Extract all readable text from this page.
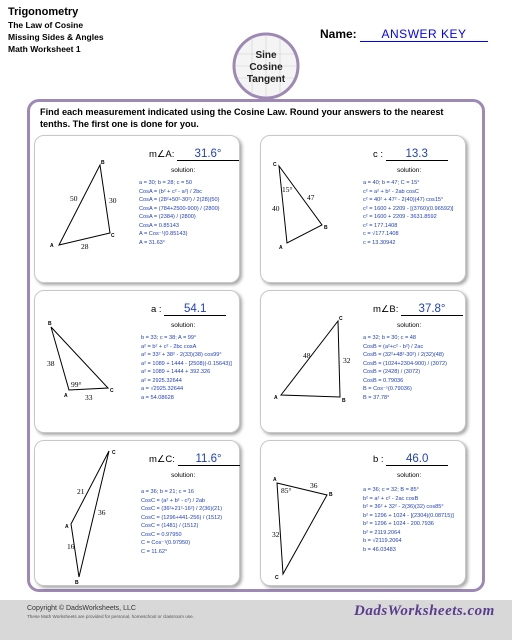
Trigonometry
The Law of Cosine
Missing Sides & Angles
Math Worksheet 1
Sine
Cosine
Tangent
Name: ANSWER KEY
Find each measurement indicated using the Cosine Law. Round your answers to the nearest tenths. The first one is done for you.
B
C
A
50	30
28
m∠A: 31.6°
solution:
a = 30; b = 28; c = 50
CosA = (b² + c² - a²) / 2bc
CosA = (28²+50²-30²) / 2(28)(50)
CosA = (784+2500-900) / (2800)
CosA = (2384) / (2800)
CosA = 0.85143
A = Cos⁻¹(0.85143)
A = 31.63°
C
A
B
47
40
15°
c : 13.3
solution:
a = 40; b = 47; C = 15°
c² = a² + b² - 2ab cosC
c² = 40² + 47² - 2(40)(47) cos15°
c² = 1600 + 2209 - [(3760)(0.96592)]
c² = 1600 + 2209 - 3631.8592
c² = 177.1408
c = √177.1408
c = 13.30942
B
A
C
38
33
99°
a : 54.1
solution:
b = 33; c = 38; A = 99°
a² = b² + c² - 2bc cosA
a² = 33² + 38² - 2(33)(38) cos99°
a² = 1089 + 1444 - [2508)(-0.15643)]
a² = 1089 + 1444 + 392.326
a² = 2925.32644
a = √2925.32644
a = 54.08628
C
B
A
48
32
m∠B: 37.8°
solution:
a = 32; b = 30; c = 48
CosB = (a²+c² - b²) / 2ac
CosB = (32²+48²-30²) / 2(32)(48)
CosB = (1024+2304-900) / (3072)
CosB = (2428) / (3072)
CosB = 0.79036
B = Cos⁻¹(0.79036)
B = 37.78°
C
A
B
21
36
16
m∠C: 11.6°
solution:
a = 36; b = 21; c = 16
CosC = (a² + b² - c²) / 2ab
CosC = (36²+21²-16²) / 2(36)(21)
CosC = (1296+441-256) / (1512)
CosC = (1481) / (1512)
CosC = 0.97950
C = Cos⁻¹(0.97950)
C = 11.62°
A
B
C
36
32
85°
b : 46.0
solution:
a = 36; c = 32; B = 85°
b² = a² + c² - 2ac cosB
b² = 36² + 32² - 2(36)(32) cos85°
b² = 1296 + 1024 - [(2304)(0.08715)]
b² = 1296 + 1024 - 200.7936
b² = 2119.2064
b = √2119.2064
b = 46.03483
Copyright © DadsWorksheets, LLC
These Math Worksheets are provided for personal, homeschool or classroom use.	DadsWorksheets.com
